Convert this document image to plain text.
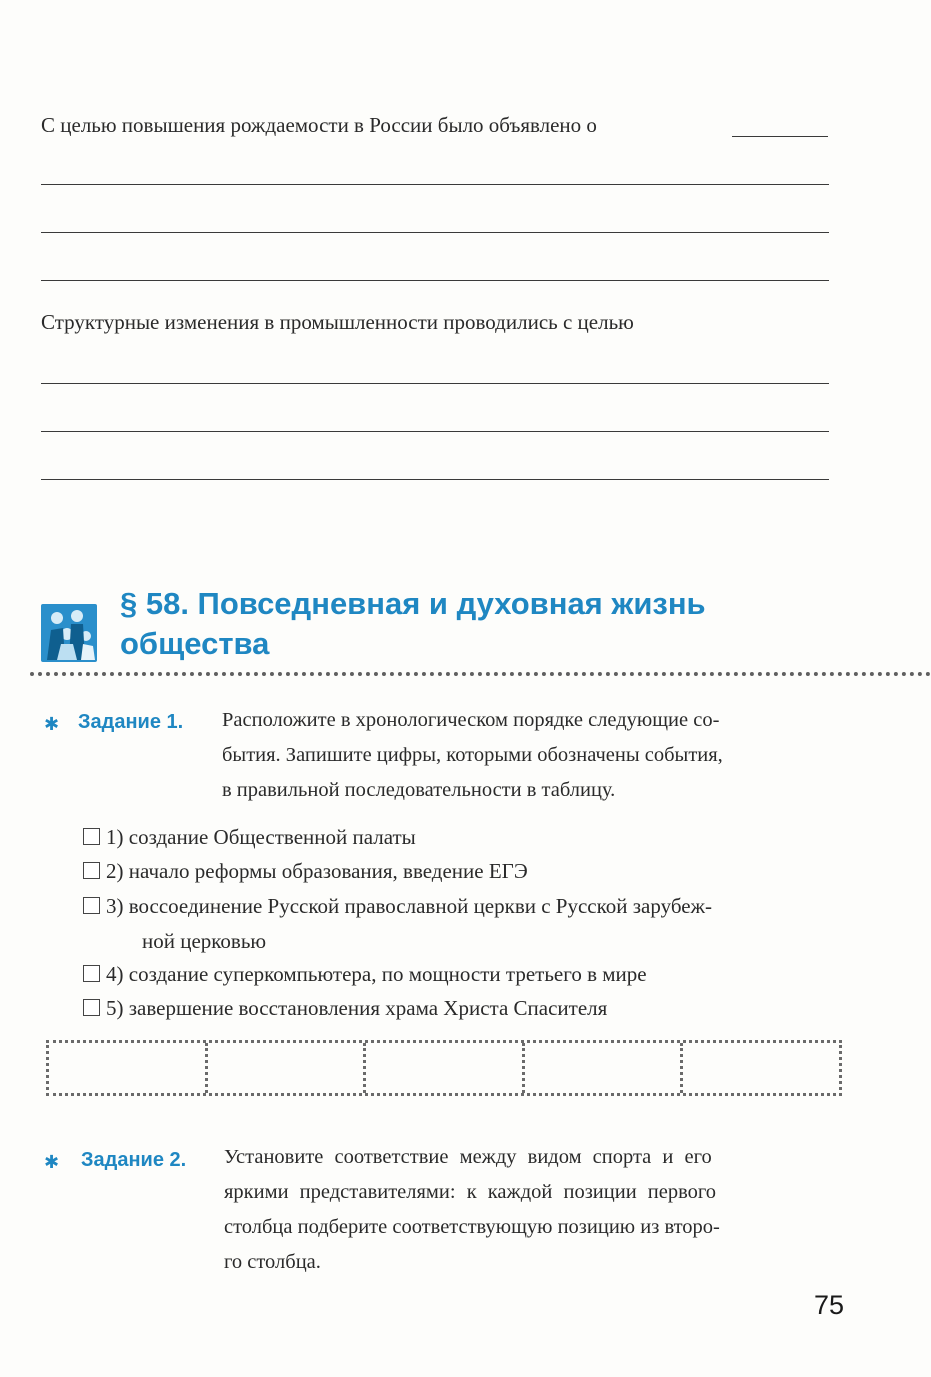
С целью повышения рождаемости в России было объявлено о
Структурные изменения в промышленности проводились с целью
§ 58. Повседневная и духовная жизнь
общества
✱ Задание 1. Расположите в хронологическом порядке следующие со-
бытия. Запишите цифры, которыми обозначены события,
в правильной последовательности в таблицу.
1) создание Общественной палаты
2) начало реформы образования, введение ЕГЭ
3) воссоединение Русской православной церкви с Русской зарубеж-
ной церковью
4) создание суперкомпьютера, по мощности третьего в мире
5) завершение восстановления храма Христа Спасителя
✱ Задание 2. Установите соответствие между видом спорта и его
яркими представителями: к каждой позиции первого
столбца подберите соответствующую позицию из второ-
го столбца.
75
